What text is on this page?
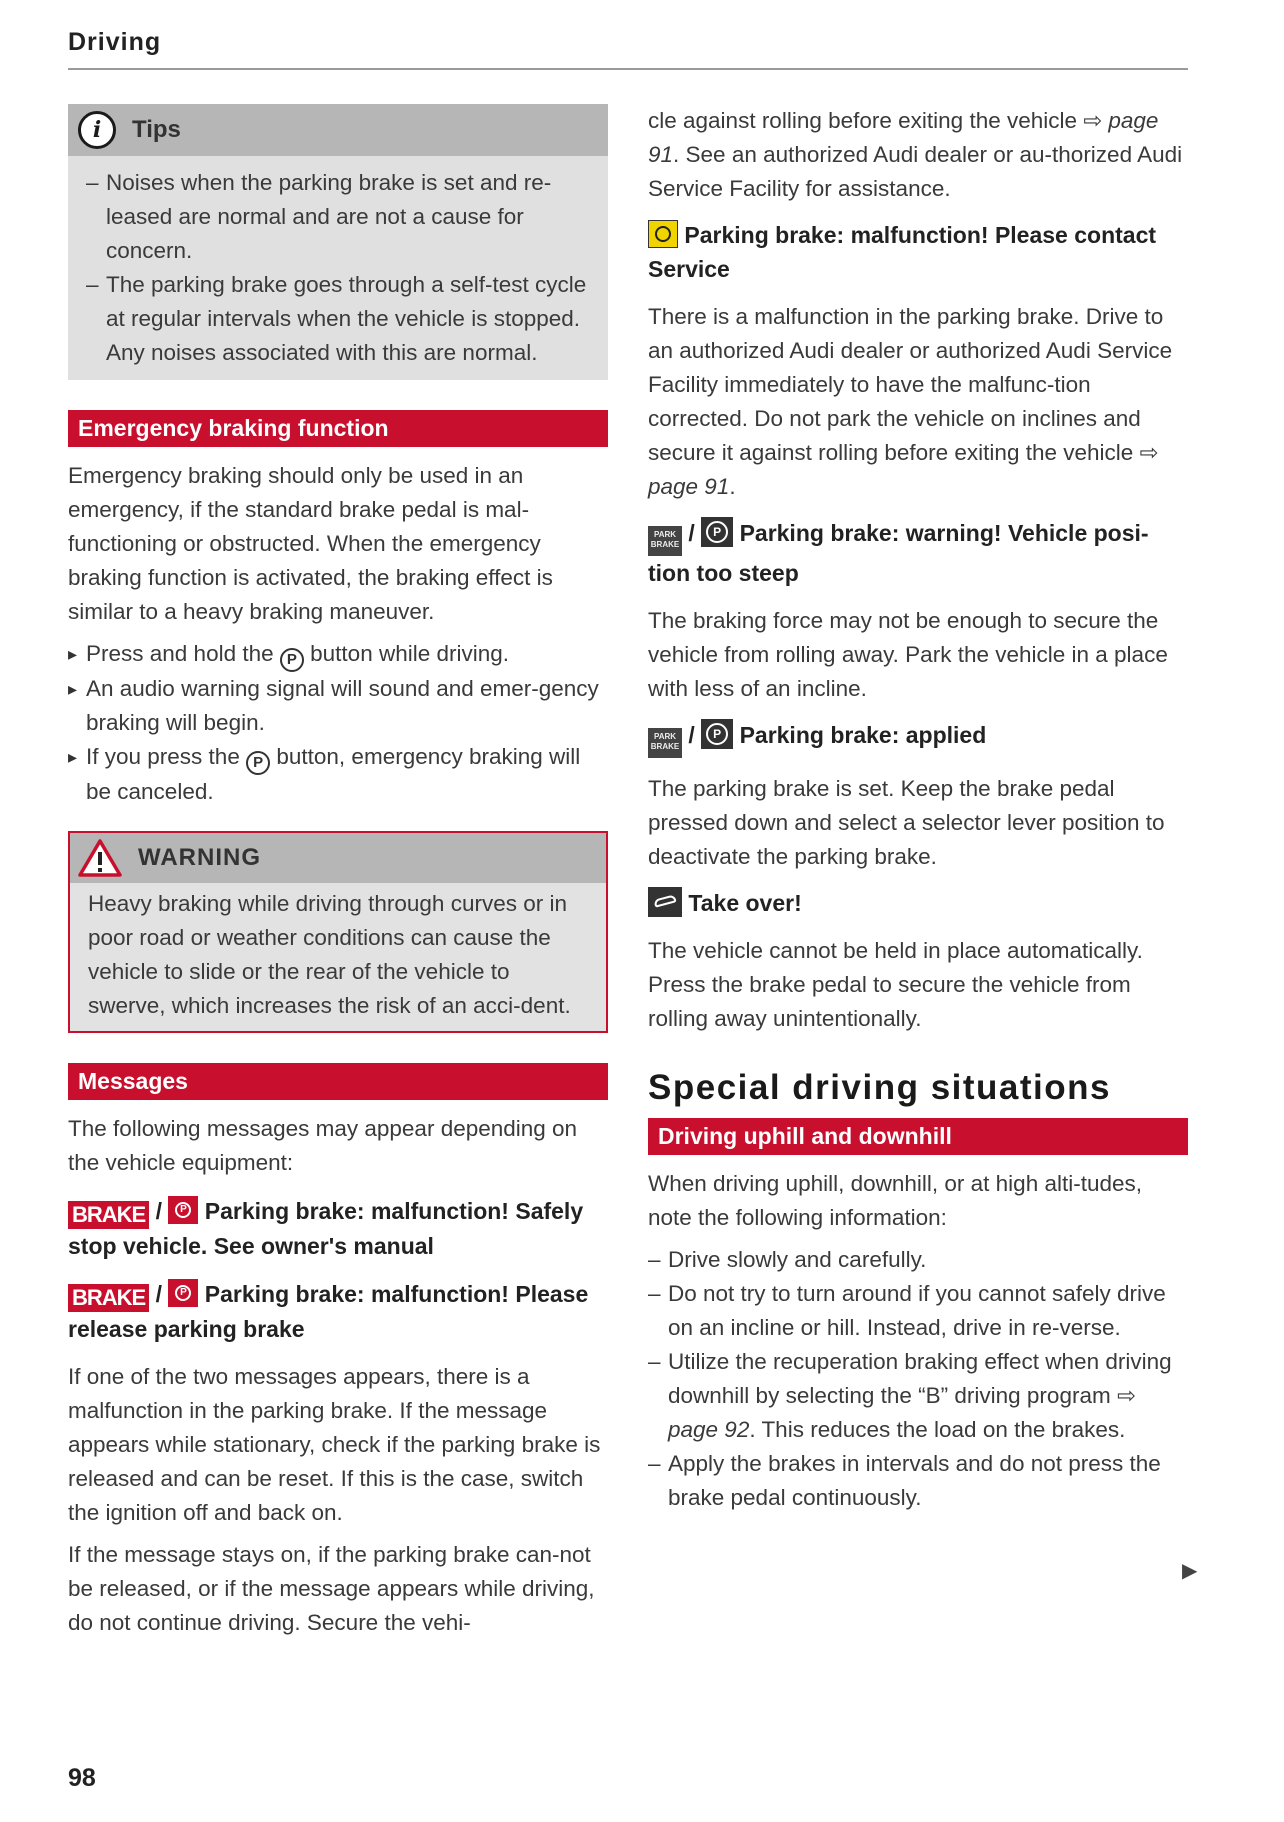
Driving
i	Tips
– Noises when the parking brake is set and re-leased are normal and are not a cause for concern.
– The parking brake goes through a self-test cycle at regular intervals when the vehicle is stopped. Any noises associated with this are normal.
Emergency braking function

Emergency braking should only be used in an emergency, if the standard brake pedal is mal-functioning or obstructed. When the emergency braking function is activated, the braking effect is similar to a heavy braking maneuver.

▸ Press and hold the P button while driving.
▸ An audio warning signal will sound and emer-gency braking will begin.
▸ If you press the P button, emergency braking will be canceled.
WARNING

Heavy braking while driving through curves or in poor road or weather conditions can cause the vehicle to slide or the rear of the vehicle to swerve, which increases the risk of an acci-dent.

Messages

The following messages may appear depending on the vehicle equipment:

BRAKE /	P Parking brake: malfunction! Safely stop vehicle. See owner's manual

BRAKE /	P Parking brake: malfunction! Please release parking brake

If one of the two messages appears, there is a malfunction in the parking brake. If the message appears while stationary, check if the parking brake is released and can be reset. If this is the case, switch the ignition off and back on.

If the message stays on, if the parking brake can-not be released, or if the message appears while driving, do not continue driving. Secure the vehi-

cle against rolling before exiting the vehicle ⇨ page 91. See an authorized Audi dealer or au-thorized Audi Service Facility for assistance.

Parking brake: malfunction! Please contact Service

There is a malfunction in the parking brake. Drive to an authorized Audi dealer or authorized Audi Service Facility immediately to have the malfunc-tion corrected. Do not park the vehicle on inclines and secure it against rolling before exiting the vehicle ⇨ page 91.

PARK BRAKE /	P Parking brake: warning! Vehicle posi-tion too steep

The braking force may not be enough to secure the vehicle from rolling away. Park the vehicle in a place with less of an incline.

PARK BRAKE /	P Parking brake: applied

The parking brake is set. Keep the brake pedal pressed down and select a selector lever position to deactivate the parking brake.

Take over!

The vehicle cannot be held in place automatically. Press the brake pedal to secure the vehicle from rolling away unintentionally.

Special driving situations
Driving uphill and downhill

When driving uphill, downhill, or at high alti-tudes, note the following information:

– Drive slowly and carefully.
– Do not try to turn around if you cannot safely drive on an incline or hill. Instead, drive in re-verse.
– Utilize the recuperation braking effect when driving downhill by selecting the “B” driving program ⇨ page 92. This reduces the load on the brakes.
– Apply the brakes in intervals and do not press the brake pedal continuously.
▶
98
